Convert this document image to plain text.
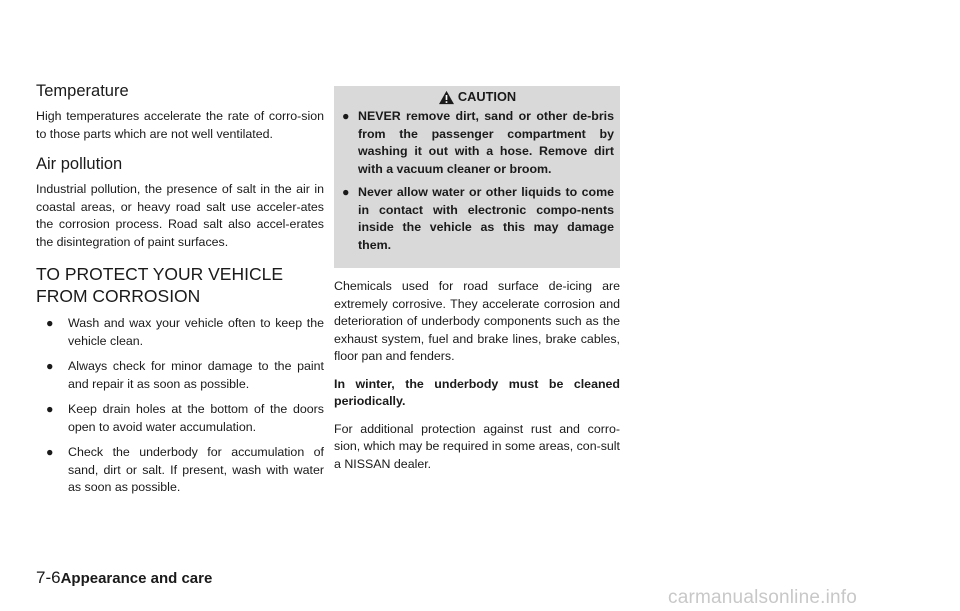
Temperature

High temperatures accelerate the rate of corro-sion to those parts which are not well ventilated.

Air pollution

Industrial pollution, the presence of salt in the air in coastal areas, or heavy road salt use acceler-ates the corrosion process. Road salt also accel-erates the disintegration of paint surfaces.

TO PROTECT YOUR VEHICLE
FROM CORROSION
● Wash and wax your vehicle often to keep the vehicle clean.
● Always check for minor damage to the paint and repair it as soon as possible.
● Keep drain holes at the bottom of the doors open to avoid water accumulation.
● Check the underbody for accumulation of sand, dirt or salt. If present, wash with water as soon as possible.
CAUTION
● NEVER remove dirt, sand or other de-bris from the passenger compartment by washing it out with a hose. Remove dirt with a vacuum cleaner or broom.
● Never allow water or other liquids to come in contact with electronic compo-nents inside the vehicle as this may damage them.

Chemicals used for road surface de-icing are extremely corrosive. They accelerate corrosion and deterioration of underbody components such as the exhaust system, fuel and brake lines, brake cables, floor pan and fenders.

In winter, the underbody must be cleaned periodically.

For additional protection against rust and corro-sion, which may be required in some areas, con-sult a NISSAN dealer.

7-6Appearance and care
carmanualsonline.info
